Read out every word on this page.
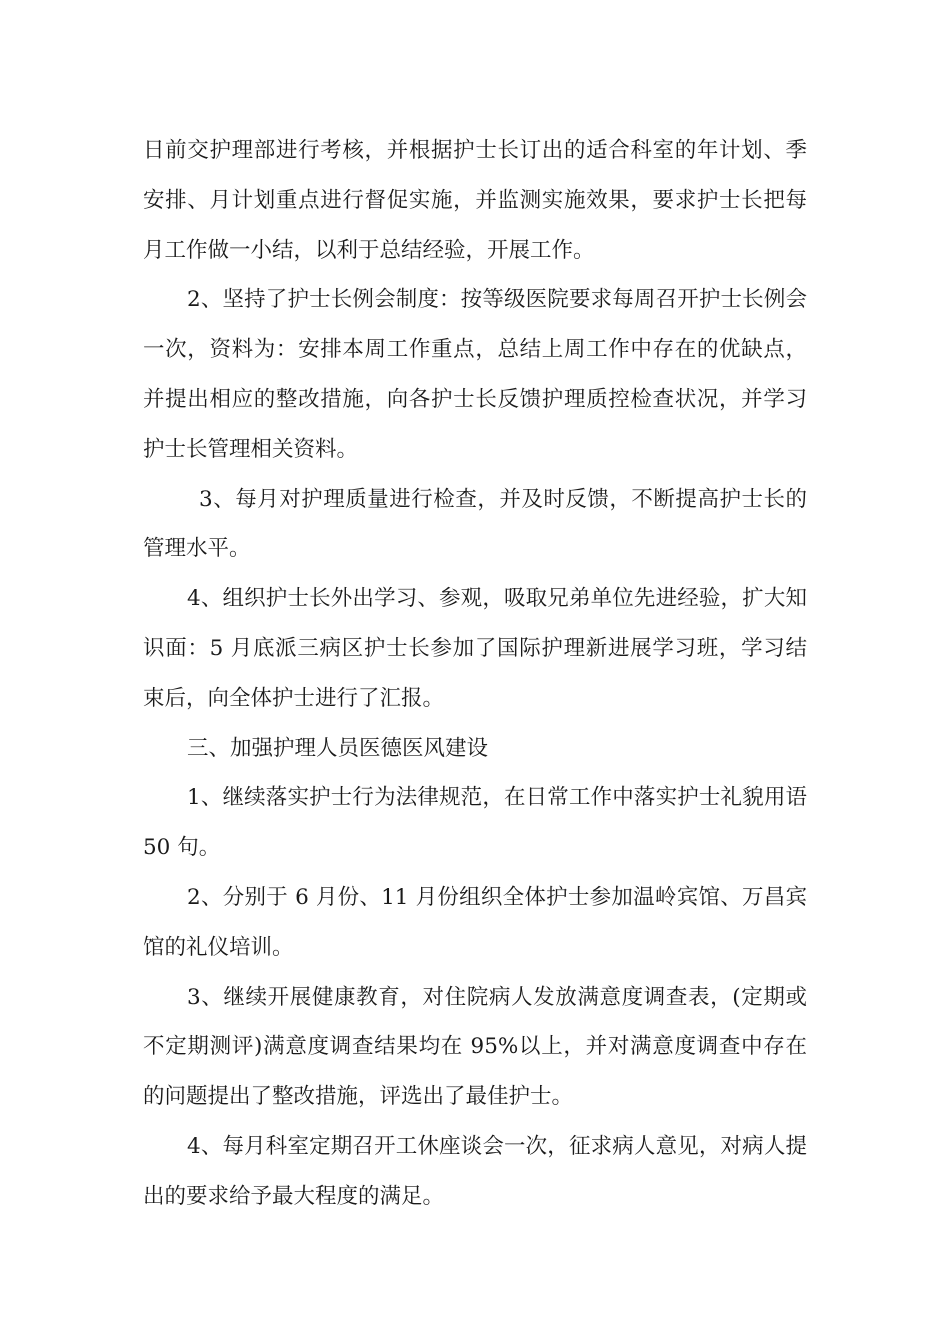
日前交护理部进行考核，并根据护士长订出的适合科室的年计划、季安排、月计划重点进行督促实施，并监测实施效果，要求护士长把每月工作做一小结，以利于总结经验，开展工作。

2、坚持了护士长例会制度：按等级医院要求每周召开护士长例会一次，资料为：安排本周工作重点，总结上周工作中存在的优缺点，并提出相应的整改措施，向各护士长反馈护理质控检查状况，并学习护士长管理相关资料。

3、每月对护理质量进行检查，并及时反馈，不断提高护士长的管理水平。

4、组织护士长外出学习、参观，吸取兄弟单位先进经验，扩大知识面：5 月底派三病区护士长参加了国际护理新进展学习班，学习结束后，向全体护士进行了汇报。

三、加强护理人员医德医风建设

1、继续落实护士行为法律规范，在日常工作中落实护士礼貌用语 50 句。

2、分别于 6 月份、11 月份组织全体护士参加温岭宾馆、万昌宾馆的礼仪培训。

3、继续开展健康教育，对住院病人发放满意度调查表，(定期或不定期测评)满意度调查结果均在 95%以上，并对满意度调查中存在的问题提出了整改措施，评选出了最佳护士。

4、每月科室定期召开工休座谈会一次，征求病人意见，对病人提出的要求给予最大程度的满足。
